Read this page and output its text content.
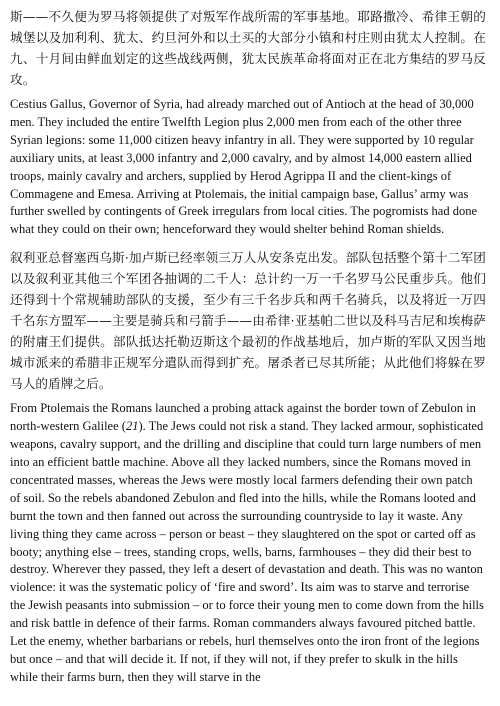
斯——不久便为罗马将领提供了对叛军作战所需的军事基地。耶路撒冷、希律王朝的城堡以及加利利、犹太、约旦河外和以土买的大部分小镇和村庄则由犹太人控制。在九、十月间由鲜血划定的这些战线两侧，犹太民族革命将面对正在北方集结的罗马反攻。

Cestius Gallus, Governor of Syria, had already marched out of Antioch at the head of 30,000 men. They included the entire Twelfth Legion plus 2,000 men from each of the other three Syrian legions: some 11,000 citizen heavy infantry in all. They were supported by 10 regular auxiliary units, at least 3,000 infantry and 2,000 cavalry, and by almost 14,000 eastern allied troops, mainly cavalry and archers, supplied by Herod Agrippa II and the client-kings of Commagene and Emesa. Arriving at Ptolemais, the initial campaign base, Gallus’ army was further swelled by contingents of Greek irregulars from local cities. The pogromists had done what they could on their own; henceforward they would shelter behind Roman shields.

叙利亚总督塞西乌斯·加卢斯已经率领三万人从安条克出发。部队包括整个第十二军团以及叙利亚其他三个军团各抽调的二千人：总计约一万一千名罗马公民重步兵。他们还得到十个常规辅助部队的支援，至少有三千名步兵和两千名骑兵，以及将近一万四千名东方盟军——主要是骑兵和弓箭手——由希律·亚基帕二世以及科马吉尼和埃梅萨的附庸王们提供。部队抵达托勒迈斯这个最初的作战基地后，加卢斯的军队又因当地城市派来的希腊非正规军分遣队而得到扩充。屠杀者已尽其所能；从此他们将躲在罗马人的盾牌之后。

From Ptolemais the Romans launched a probing attack against the border town of Zebulon in north-western Galilee (21). The Jews could not risk a stand. They lacked armour, sophisticated weapons, cavalry support, and the drilling and discipline that could turn large numbers of men into an efficient battle machine. Above all they lacked numbers, since the Romans moved in concentrated masses, whereas the Jews were mostly local farmers defending their own patch of soil. So the rebels abandoned Zebulon and fled into the hills, while the Romans looted and burnt the town and then fanned out across the surrounding countryside to lay it waste. Any living thing they came across – person or beast – they slaughtered on the spot or carted off as booty; anything else – trees, standing crops, wells, barns, farmhouses – they did their best to destroy. Wherever they passed, they left a desert of devastation and death. This was no wanton violence: it was the systematic policy of ‘fire and sword’. Its aim was to starve and terrorise the Jewish peasants into submission – or to force their young men to come down from the hills and risk battle in defence of their farms. Roman commanders always favoured pitched battle. Let the enemy, whether barbarians or rebels, hurl themselves onto the iron front of the legions but once – and that will decide it. If not, if they will not, if they prefer to skulk in the hills while their farms burn, then they will starve in the
